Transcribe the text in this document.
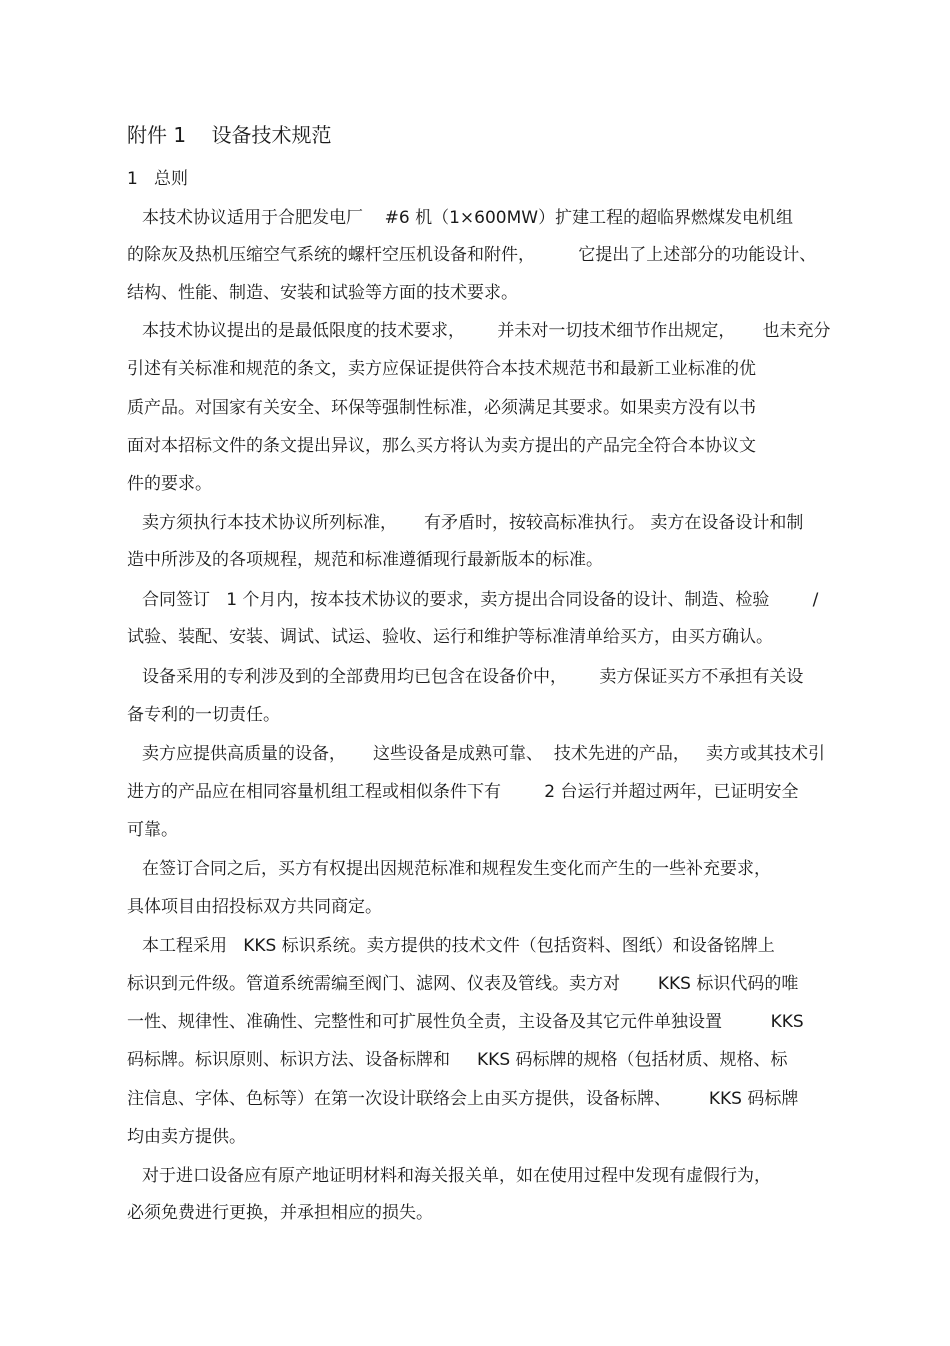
附件 1    设备技术规范
1   总则
本技术协议适用于合肥发电厂    #6 机（1×600MW）扩建工程的超临界燃煤发电机组
的除灰及热机压缩空气系统的螺杆空压机设备和附件，        它提出了上述部分的功能设计、
结构、性能、制造、安装和试验等方面的技术要求。
本技术协议提出的是最低限度的技术要求，      并未对一切技术细节作出规定，     也未充分
引述有关标准和规范的条文，卖方应保证提供符合本技术规范书和最新工业标准的优
质产品。对国家有关安全、环保等强制性标准，必须满足其要求。如果卖方没有以书
面对本招标文件的条文提出异议，那么买方将认为卖方提出的产品完全符合本协议文
件的要求。
卖方须执行本技术协议所列标准，     有矛盾时，按较高标准执行。 卖方在设备设计和制
造中所涉及的各项规程，规范和标准遵循现行最新版本的标准。
合同签订   1 个月内，按本技术协议的要求，卖方提出合同设备的设计、制造、检验        /
试验、装配、安装、调试、试运、验收、运行和维护等标准清单给买方，由买方确认。
设备采用的专利涉及到的全部费用均已包含在设备价中，      卖方保证买方不承担有关设
备专利的一切责任。
卖方应提供高质量的设备，     这些设备是成熟可靠、  技术先进的产品，   卖方或其技术引
进方的产品应在相同容量机组工程或相似条件下有        2 台运行并超过两年，已证明安全
可靠。
在签订合同之后，买方有权提出因规范标准和规程发生变化而产生的一些补充要求，
具体项目由招投标双方共同商定。
本工程采用   KKS 标识系统。卖方提供的技术文件（包括资料、图纸）和设备铭牌上
标识到元件级。管道系统需编至阀门、滤网、仪表及管线。卖方对       KKS 标识代码的唯
一性、规律性、准确性、完整性和可扩展性负全责，主设备及其它元件单独设置         KKS
码标牌。标识原则、标识方法、设备标牌和     KKS 码标牌的规格（包括材质、规格、标
注信息、字体、色标等）在第一次设计联络会上由买方提供，设备标牌、       KKS 码标牌
均由卖方提供。
对于进口设备应有原产地证明材料和海关报关单，如在使用过程中发现有虚假行为，
必须免费进行更换，并承担相应的损失。
